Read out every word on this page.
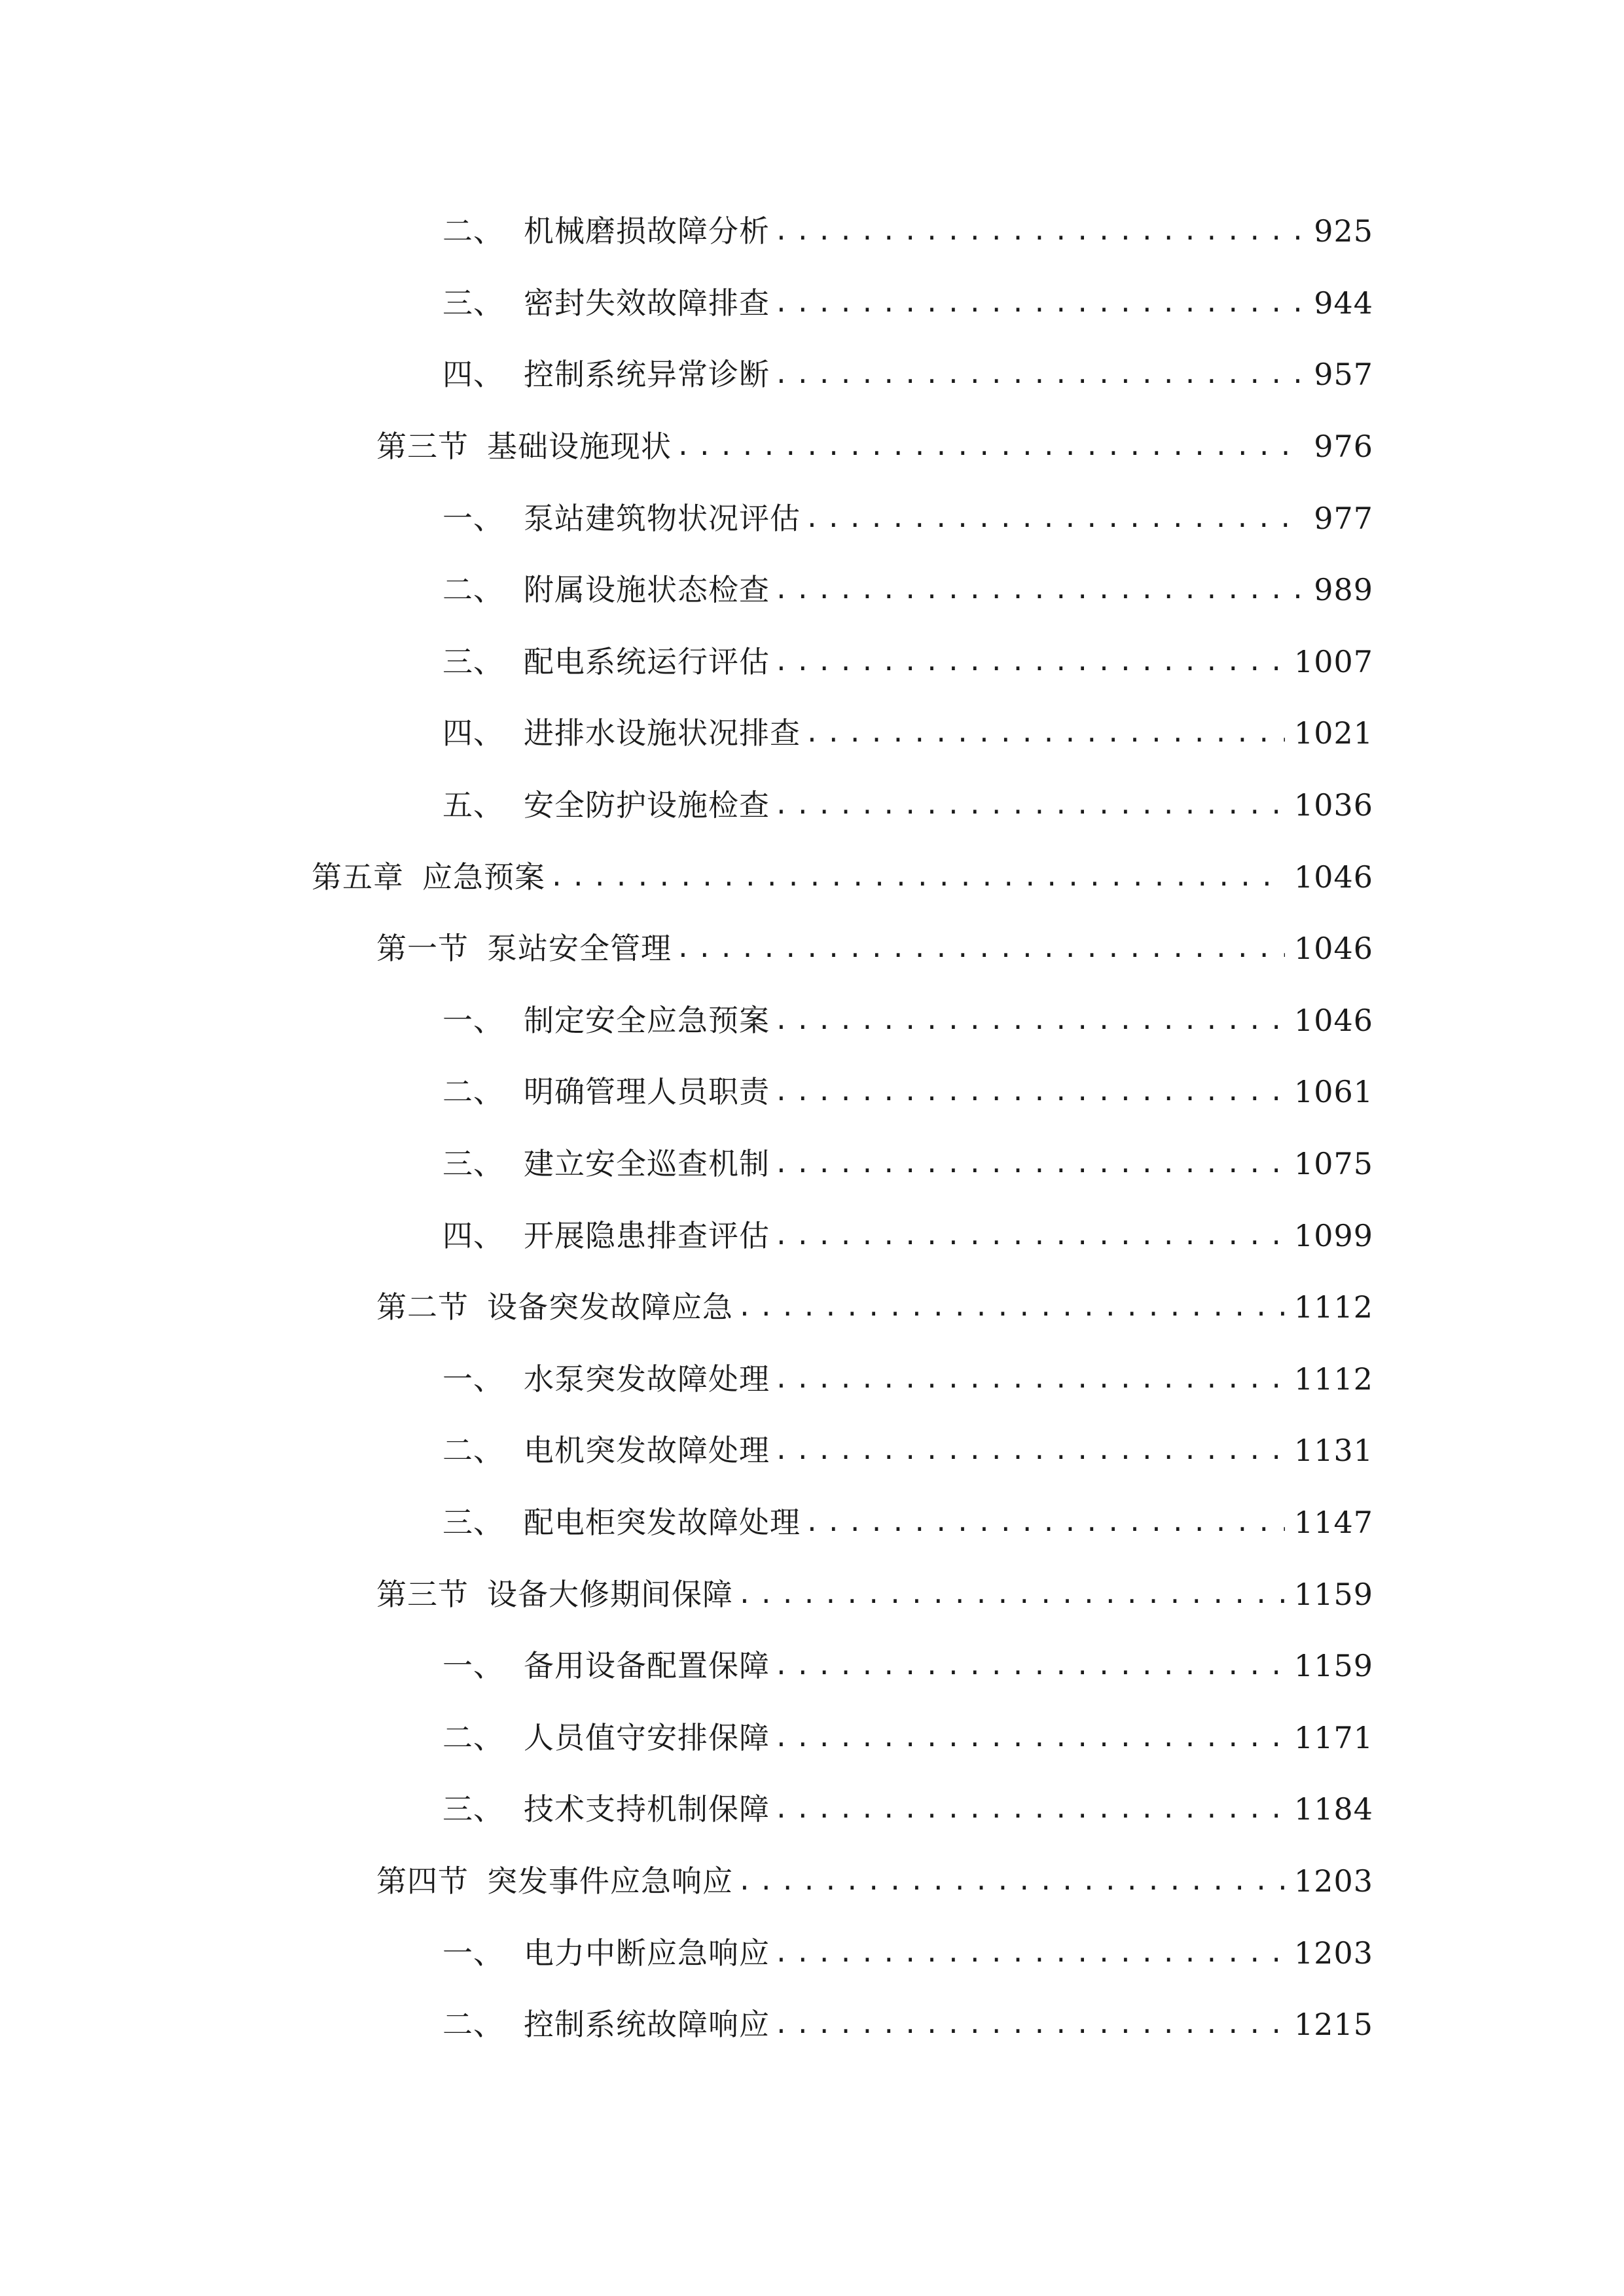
二、 机械磨损故障分析 .....	925
三、 密封失效故障排查 .....	944
四、 控制系统异常诊断 .....	957
第三节 基础设施现状 .....	976
一、 泵站建筑物状况评估 .....	977
二、 附属设施状态检查 .....	989
三、 配电系统运行评估 .....	1007
四、 进排水设施状况排查 .....	1021
五、 安全防护设施检查 .....	1036
第五章 应急预案 .....	1046
第一节 泵站安全管理 .....	1046
一、 制定安全应急预案 .....	1046
二、 明确管理人员职责 .....	1061
三、 建立安全巡查机制 .....	1075
四、 开展隐患排查评估 .....	1099
第二节 设备突发故障应急 .....	1112
一、 水泵突发故障处理 .....	1112
二、 电机突发故障处理 .....	1131
三、 配电柜突发故障处理 .....	1147
第三节 设备大修期间保障 .....	1159
一、 备用设备配置保障 .....	1159
二、 人员值守安排保障 .....	1171
三、 技术支持机制保障 .....	1184
第四节 突发事件应急响应 .....	1203
一、 电力中断应急响应 .....	1203
二、 控制系统故障响应 .....	1215
